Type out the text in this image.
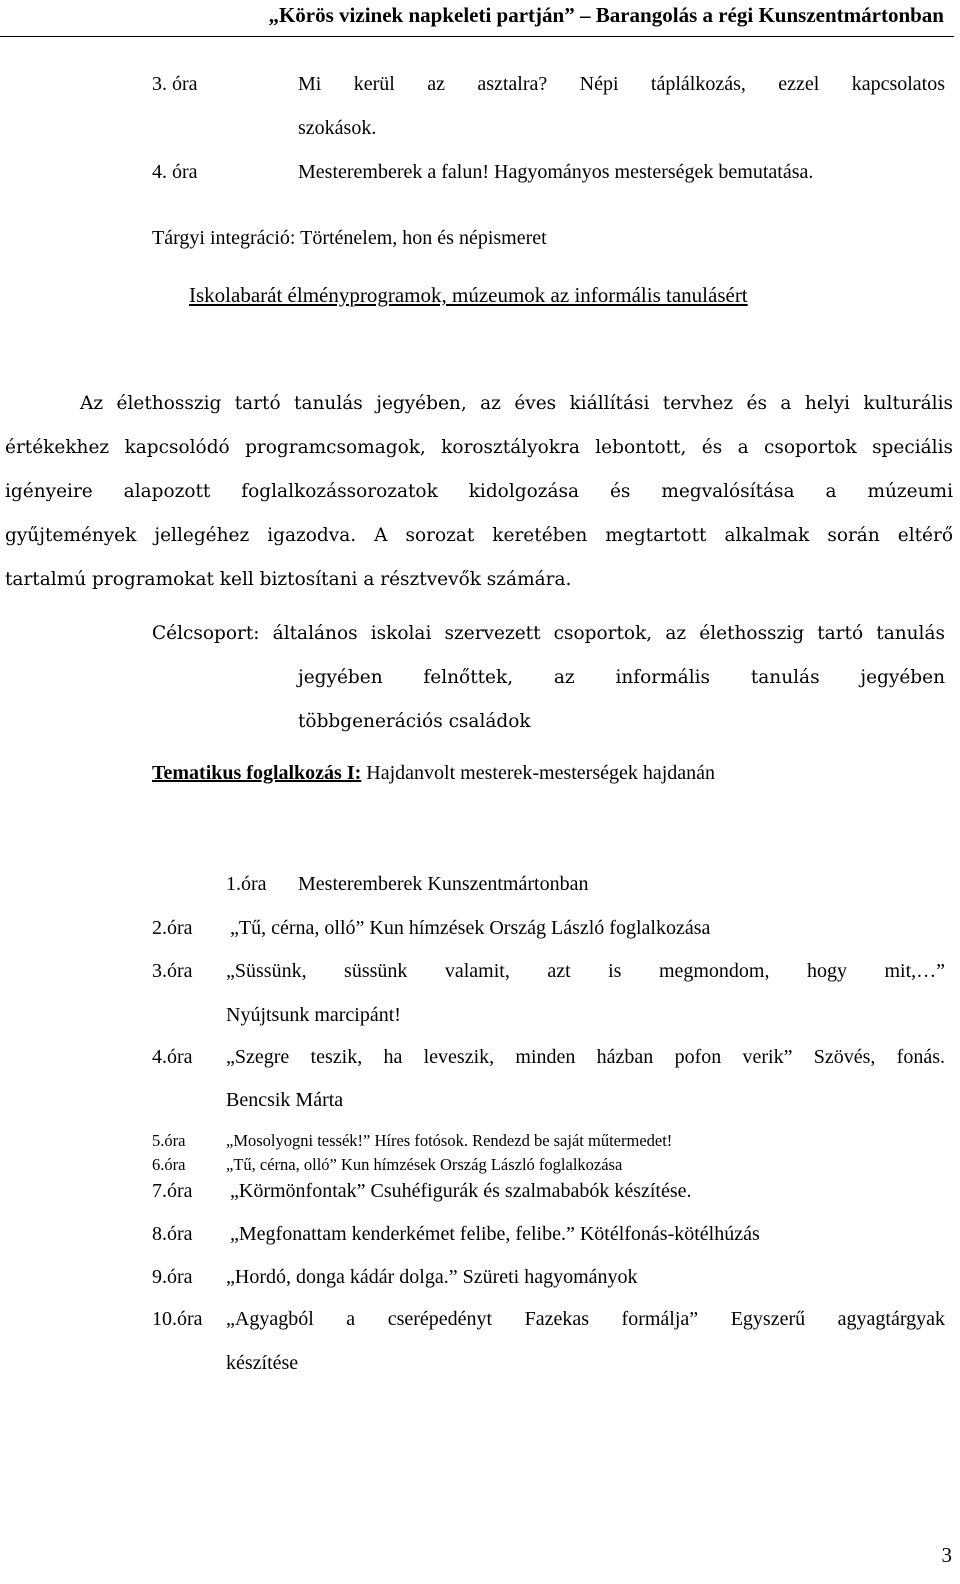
„Körös vizinek napkeleti partján” – Barangolás a régi Kunszentmártonban
3. óra	Mi kerül az asztalra? Népi táplálkozás, ezzel kapcsolatos
szokások.
4. óra	Mesteremberek a falun! Hagyományos mesterségek bemutatása.
Tárgyi integráció: Történelem, hon és népismeret
Iskolabarát élményprogramok, múzeumok az informális tanulásért
Az élethosszig tartó tanulás jegyében, az éves kiállítási tervhez és a helyi kulturális
értékekhez kapcsolódó programcsomagok, korosztályokra lebontott, és a csoportok speciális
igényeire alapozott foglalkozássorozatok kidolgozása és megvalósítása a múzeumi
gyűjtemények jellegéhez igazodva. A sorozat keretében megtartott alkalmak során eltérő
tartalmú programokat kell biztosítani a résztvevők számára.
Célcsoport: általános iskolai szervezett csoportok, az élethosszig tartó tanulás
jegyében felnőttek, az informális tanulás jegyében
többgenerációs családok
Tematikus foglalkozás I: Hajdanvolt mesterek-mesterségek hajdanán
1.óra Mesteremberek Kunszentmártonban
2.óra „Tű, cérna, olló” Kun hímzések Ország László foglalkozása
3.óra „Süssünk, süssünk valamit, azt is megmondom, hogy mit,…”
Nyújtsunk marcipánt!
4.óra „Szegre teszik, ha leveszik, minden házban pofon verik” Szövés, fonás.
Bencsik Márta
5.óra „Mosolyogni tessék!” Híres fotósok. Rendezd be saját műtermedet!
6.óra „Tű, cérna, olló” Kun hímzések Ország László foglalkozása
7.óra „Körmönfontak” Csuhéfigurák és szalmababók készítése.
8.óra „Megfonattam kenderkémet felibe, felibe.” Kötélfonás-kötélhúzás
9.óra „Hordó, donga kádár dolga.” Szüreti hagyományok
10.óra „Agyagból a cserépedényt Fazekas formálja” Egyszerű agyagtárgyak
készítése
3
